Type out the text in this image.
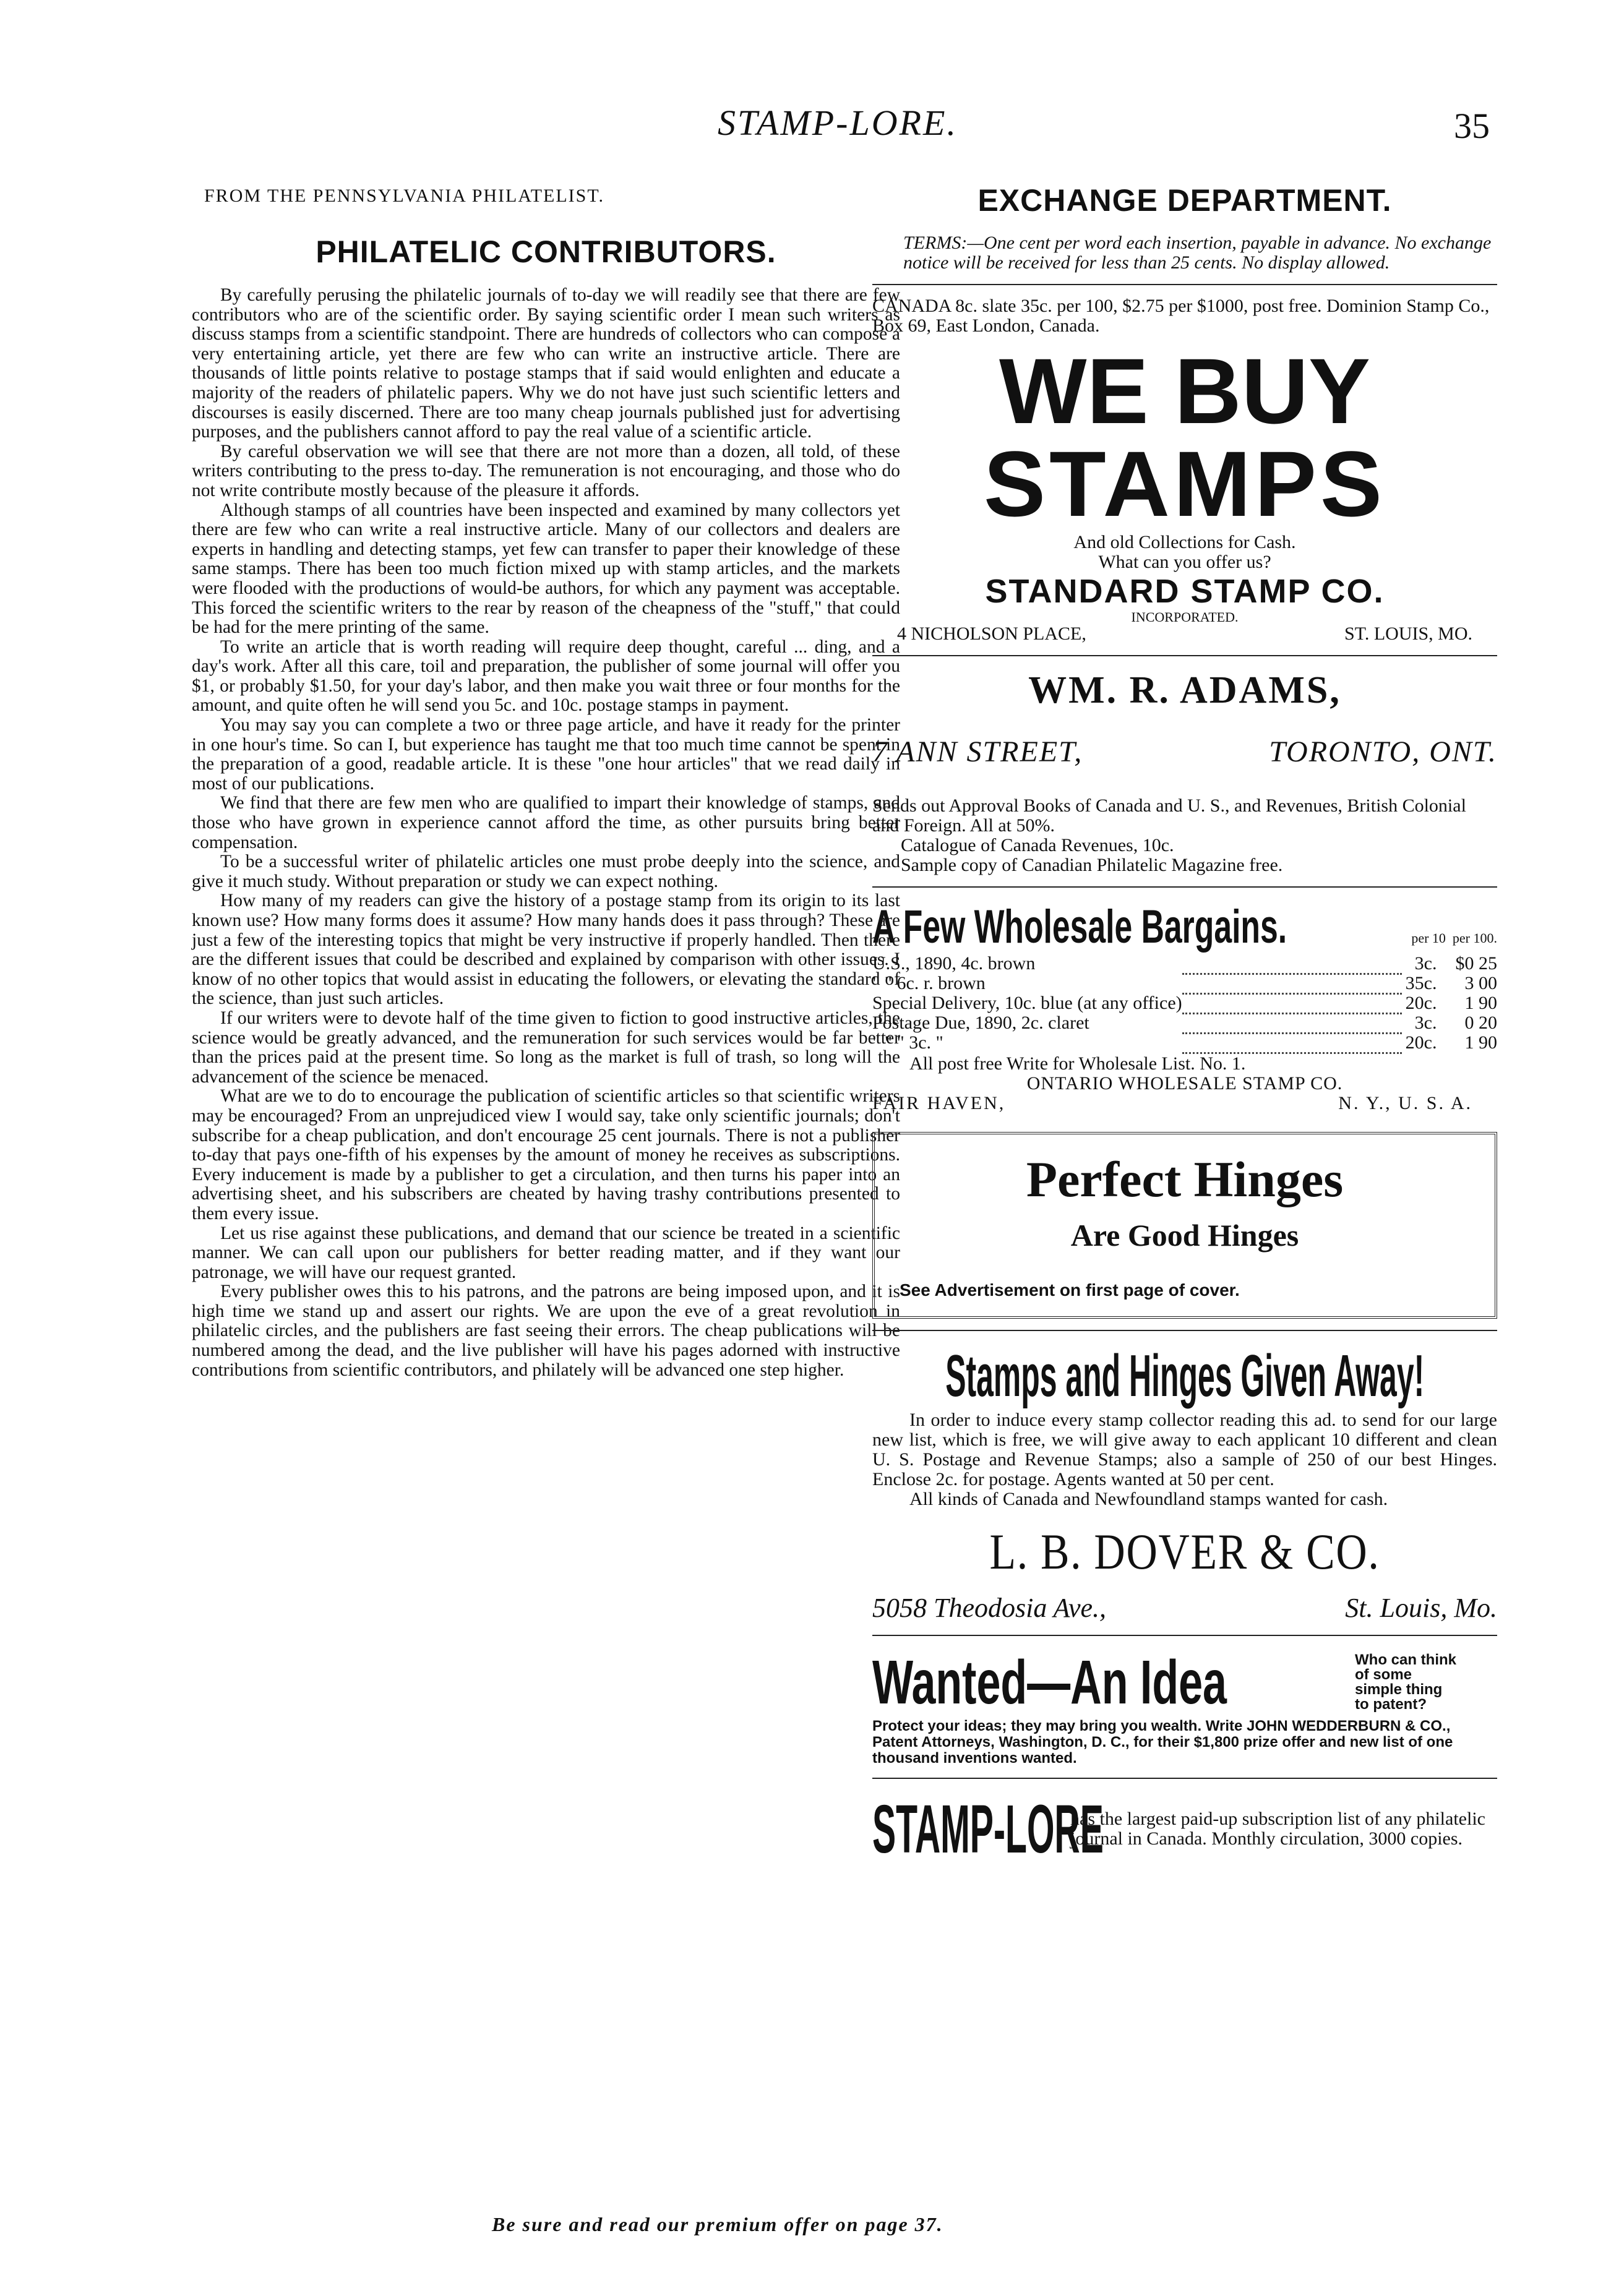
STAMP-LORE.	35
FROM THE PENNSYLVANIA PHILATELIST.
PHILATELIC CONTRIBUTORS.

By carefully perusing the philatelic journals of to-day we will readily see that there are few contributors who are of the scientific order. By saying scientific order I mean such writers as discuss stamps from a scientific standpoint. There are hundreds of collectors who can compose a very entertaining article, yet there are few who can write an instructive article. There are thousands of little points relative to postage stamps that if said would enlighten and educate a majority of the readers of philatelic papers. Why we do not have just such scientific letters and discourses is easily discerned. There are too many cheap journals published just for advertising purposes, and the publishers cannot afford to pay the real value of a scientific article.

By careful observation we will see that there are not more than a dozen, all told, of these writers contributing to the press to-day. The remuneration is not encouraging, and those who do not write contribute mostly because of the pleasure it affords.

Although stamps of all countries have been inspected and examined by many collectors yet there are few who can write a real instructive article. Many of our collectors and dealers are experts in handling and detecting stamps, yet few can transfer to paper their knowledge of these same stamps. There has been too much fiction mixed up with stamp articles, and the markets were flooded with the productions of would-be authors, for which any payment was acceptable. This forced the scientific writers to the rear by reason of the cheapness of the "stuff," that could be had for the mere printing of the same.

To write an article that is worth reading will require deep thought, careful ... ding, and a day's work. After all this care, toil and preparation, the publisher of some journal will offer you $1, or probably $1.50, for your day's labor, and then make you wait three or four months for the amount, and quite often he will send you 5c. and 10c. postage stamps in payment.

You may say you can complete a two or three page article, and have it ready for the printer in one hour's time. So can I, but experience has taught me that too much time cannot be spent in the preparation of a good, readable article. It is these "one hour articles" that we read daily in most of our publications.

We find that there are few men who are qualified to impart their knowledge of stamps, and those who have grown in experience cannot afford the time, as other pursuits bring better compensation.

To be a successful writer of philatelic articles one must probe deeply into the science, and give it much study. Without preparation or study we can expect nothing.

How many of my readers can give the history of a postage stamp from its origin to its last known use? How many forms does it assume? How many hands does it pass through? These are just a few of the interesting topics that might be very instructive if properly handled. Then there are the different issues that could be described and explained by comparison with other issues. I know of no other topics that would assist in educating the followers, or elevating the standard of the science, than just such articles.

If our writers were to devote half of the time given to fiction to good instructive articles, the science would be greatly advanced, and the remuneration for such services would be far better than the prices paid at the present time. So long as the market is full of trash, so long will the advancement of the science be menaced.

What are we to do to encourage the publication of scientific articles so that scientific writers may be encouraged? From an unprejudiced view I would say, take only scientific journals; don't subscribe for a cheap publication, and don't encourage 25 cent journals. There is not a publisher to-day that pays one-fifth of his expenses by the amount of money he receives as subscriptions. Every inducement is made by a publisher to get a circulation, and then turns his paper into an advertising sheet, and his subscribers are cheated by having trashy contributions presented to them every issue.

Let us rise against these publications, and demand that our science be treated in a scientific manner. We can call upon our publishers for better reading matter, and if they want our patronage, we will have our request granted.

Every publisher owes this to his patrons, and the patrons are being imposed upon, and it is high time we stand up and assert our rights. We are upon the eve of a great revolution in philatelic circles, and the publishers are fast seeing their errors. The cheap publications will be numbered among the dead, and the live publisher will have his pages adorned with instructive contributions from scientific contributors, and philately will be advanced one step higher.

EXCHANGE DEPARTMENT.
TERMS:—One cent per word each insertion, payable in advance. No exchange notice will be received for less than 25 cents. No display allowed.
CANADA 8c. slate 35c. per 100, $2.75 per $1000, post free. Dominion Stamp Co., Box 69, East London, Canada.
WE BUY
STAMPS
And old Collections for Cash.
What can you offer us?
STANDARD STAMP CO.
INCORPORATED.
4 NICHOLSON PLACE,	ST. LOUIS, MO.
WM. R. ADAMS,
7 ANN STREET,	TORONTO, ONT.
Sends out Approval Books of Canada and U. S., and Revenues, British Colonial and Foreign. All at 50%.
Catalogue of Canada Revenues, 10c.
Sample copy of Canadian Philatelic Magazine free.
A Few Wholesale Bargains.	per 10 per 100.
U.S., 1890, 4c. brown		3c.	$0 25
" " 6c. r. brown		35c.	3 00
Special Delivery, 10c. blue (at any office)		20c.	1 90
Postage Due, 1890, 2c. claret		3c.	0 20
" " " 3c. "		20c.	1 90
All post free Write for Wholesale List. No. 1.
ONTARIO WHOLESALE STAMP CO.
FAIR HAVEN,	N. Y., U. S. A.
Perfect Hinges
Are Good Hinges
See Advertisement on first page of cover.
Stamps and Hinges Given Away!
In order to induce every stamp collector reading this ad. to send for our large new list, which is free, we will give away to each applicant 10 different and clean U. S. Postage and Revenue Stamps; also a sample of 250 of our best Hinges. Enclose 2c. for postage. Agents wanted at 50 per cent.
All kinds of Canada and Newfoundland stamps wanted for cash.
L. B. DOVER & CO.
5058 Theodosia Ave.,	St. Louis, Mo.
Wanted—An Idea	Who can think of some simple thing to patent?
Protect your ideas; they may bring you wealth. Write JOHN WEDDERBURN & CO., Patent Attorneys, Washington, D. C., for their $1,800 prize offer and new list of one thousand inventions wanted.
STAMP-LORE
has the largest paid-up subscription list of any philatelic journal in Canada. Monthly circulation, 3000 copies.
Be sure and read our premium offer on page 37.
